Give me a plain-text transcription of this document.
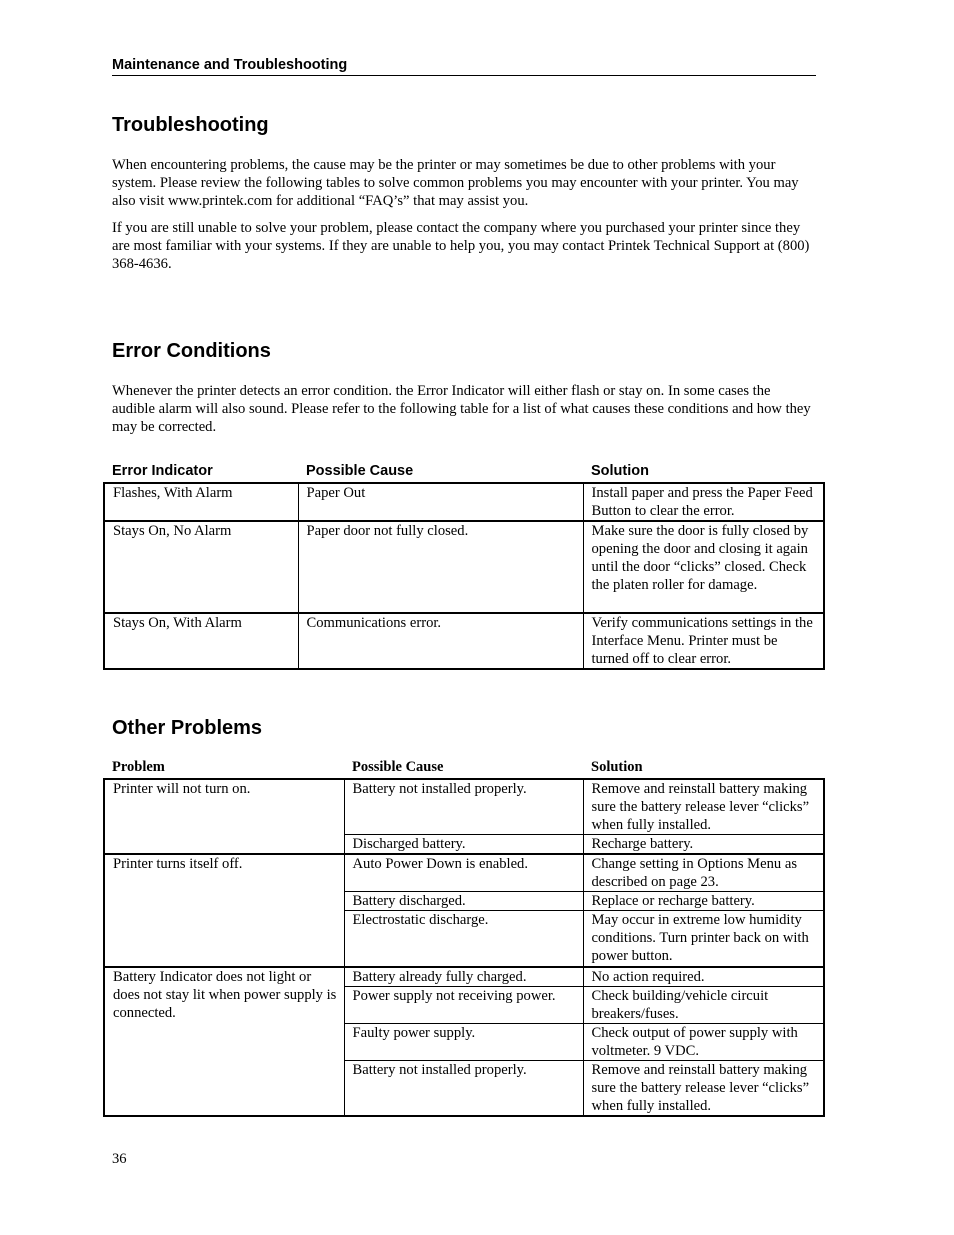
Maintenance and Troubleshooting
Troubleshooting

When encountering problems, the cause may be the printer or may sometimes be due to other problems with your system. Please review the following tables to solve common problems you may encounter with your printer. You may also visit www.printek.com for additional “FAQ’s” that may assist you.

If you are still unable to solve your problem, please contact the company where you purchased your printer since they are most familiar with your systems. If they are unable to help you, you may contact Printek Technical Support at (800) 368-4636.

Error Conditions

Whenever the printer detects an error condition. the Error Indicator will either flash or stay on. In some cases the audible alarm will also sound. Please refer to the following table for a list of what causes these conditions and how they may be corrected.

Error Indicator	Possible Cause	Solution
Flashes, With Alarm	Paper Out	Install paper and press the Paper Feed Button to clear the error.
Stays On, No Alarm	Paper door not fully closed.	Make sure the door is fully closed by opening the door and closing it again until the door “clicks” closed. Check the platen roller for damage.
Stays On, With Alarm	Communications error.	Verify communications settings in the Interface Menu. Printer must be turned off to clear error.
Other Problems
Problem	Possible Cause	Solution
Printer will not turn on.	Battery not installed properly.	Remove and reinstall battery making sure the battery release lever “clicks” when fully installed.
	Discharged battery.	Recharge battery.
Printer turns itself off.	Auto Power Down is enabled.	Change setting in Options Menu as described on page 23.
	Battery discharged.	Replace or recharge battery.
	Electrostatic discharge.	May occur in extreme low humidity conditions. Turn printer back on with power button.
Battery Indicator does not light or does not stay lit when power supply is connected.	Battery already fully charged.	No action required.
	Power supply not receiving power.	Check building/vehicle circuit breakers/fuses.
	Faulty power supply.	Check output of power supply with voltmeter. 9 VDC.
	Battery not installed properly.	Remove and reinstall battery making sure the battery release lever “clicks” when fully installed.
36
